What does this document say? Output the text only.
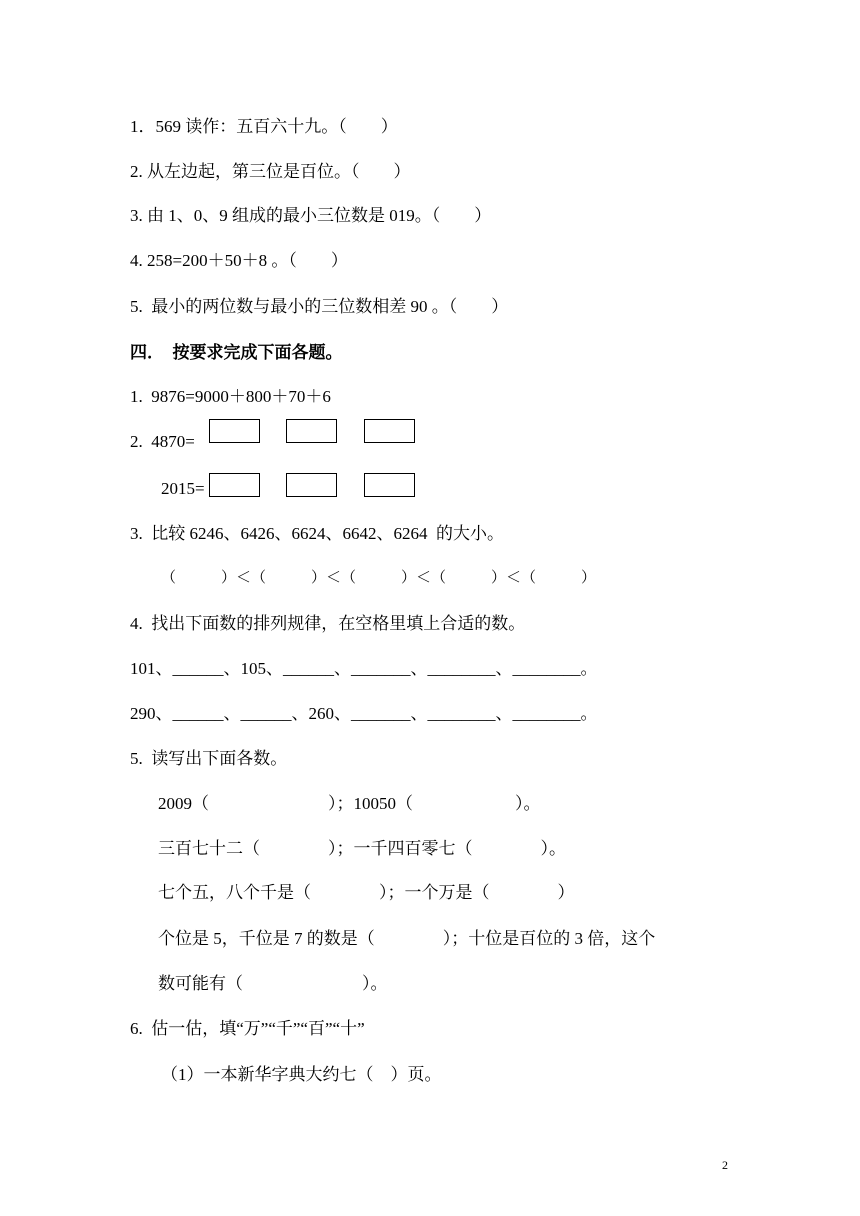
1．569 读作：五百六十九。（　　）
2. 从左边起，第三位是百位。（　　）
3. 由 1、0、9 组成的最小三位数是 019。（　　）
4. 258=200＋50＋8 。（　　）
5.  最小的两位数与最小的三位数相差 90 。（　　）
四．  按要求完成下面各题。
1.  9876=9000＋800＋70＋6
2.  4870=
2015=
3.  比较 6246、6426、6624、6642、6264  的大小。
（　　　）＜（　　　）＜（　　　）＜（　　　）＜（　　　）
4.  找出下面数的排列规律，在空格里填上合适的数。
101、______、105、______、_______、________、________。
290、______、______、260、_______、________、________。
5.  读写出下面各数。
2009（　　　　　　　）；10050（　　　　　　）。
三百七十二（　　　　）；一千四百零七（　　　　）。
七个五，八个千是（　　　　）；一个万是（　　　　）
个位是 5，千位是 7 的数是（　　　　）；十位是百位的 3 倍，这个
数可能有（　　　　　　　）。
6.  估一估，填“万”“千”“百”“十”
（1）一本新华字典大约七（　）页。
2
